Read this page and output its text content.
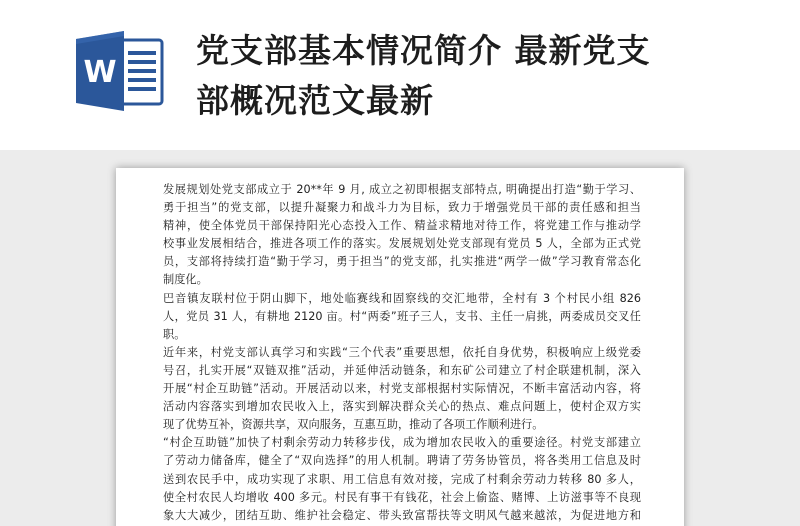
W
党支部基本情况简介 最新党支
部概况范文最新
发展规划处党支部成立于 20**年 9 月, 成立之初即根据支部特点, 明确提出打造“勤于学习、
勇于担当”的党支部，以提升凝聚力和战斗力为目标，致力于增强党员干部的责任感和担当
精神，使全体党员干部保持阳光心态投入工作、精益求精地对待工作，将党建工作与推动学
校事业发展相结合，推进各项工作的落实。发展规划处党支部现有党员 5 人，全部为正式党
员，支部将持续打造“勤于学习，勇于担当”的党支部，扎实推进“两学一做”学习教育常态化
制度化。
巴音镇友联村位于阴山脚下，地处临赛线和固察线的交汇地带，全村有 3 个村民小组 826
人，党员 31 人，有耕地 2120 亩。村“两委”班子三人，支书、主任一肩挑，两委成员交叉任
职。
近年来，村党支部认真学习和实践“三个代表”重要思想，依托自身优势，积极响应上级党委
号召，扎实开展“双链双推”活动，并延伸活动链条，和东矿公司建立了村企联建机制，深入
开展“村企互助链”活动。开展活动以来，村党支部根据村实际情况，不断丰富活动内容，将
活动内容落实到增加农民收入上，落实到解决群众关心的热点、难点问题上，使村企双方实
现了优势互补，资源共享，双向服务，互惠互助，推动了各项工作顺利进行。
“村企互助链”加快了村剩余劳动力转移步伐，成为增加农民收入的重要途径。村党支部建立
了劳动力储备库，健全了“双向选择”的用人机制。聘请了劳务协管员，将各类用工信息及时
送到农民手中，成功实现了求职、用工信息有效对接，完成了村剩余劳动力转移 80 多人，
使全村农民人均增收 400 多元。村民有事干有钱花，社会上偷盗、赌博、上访滋事等不良现
象大大减少，团结互助、维护社会稳定、带头致富帮扶等文明风气越来越浓，为促进地方和
